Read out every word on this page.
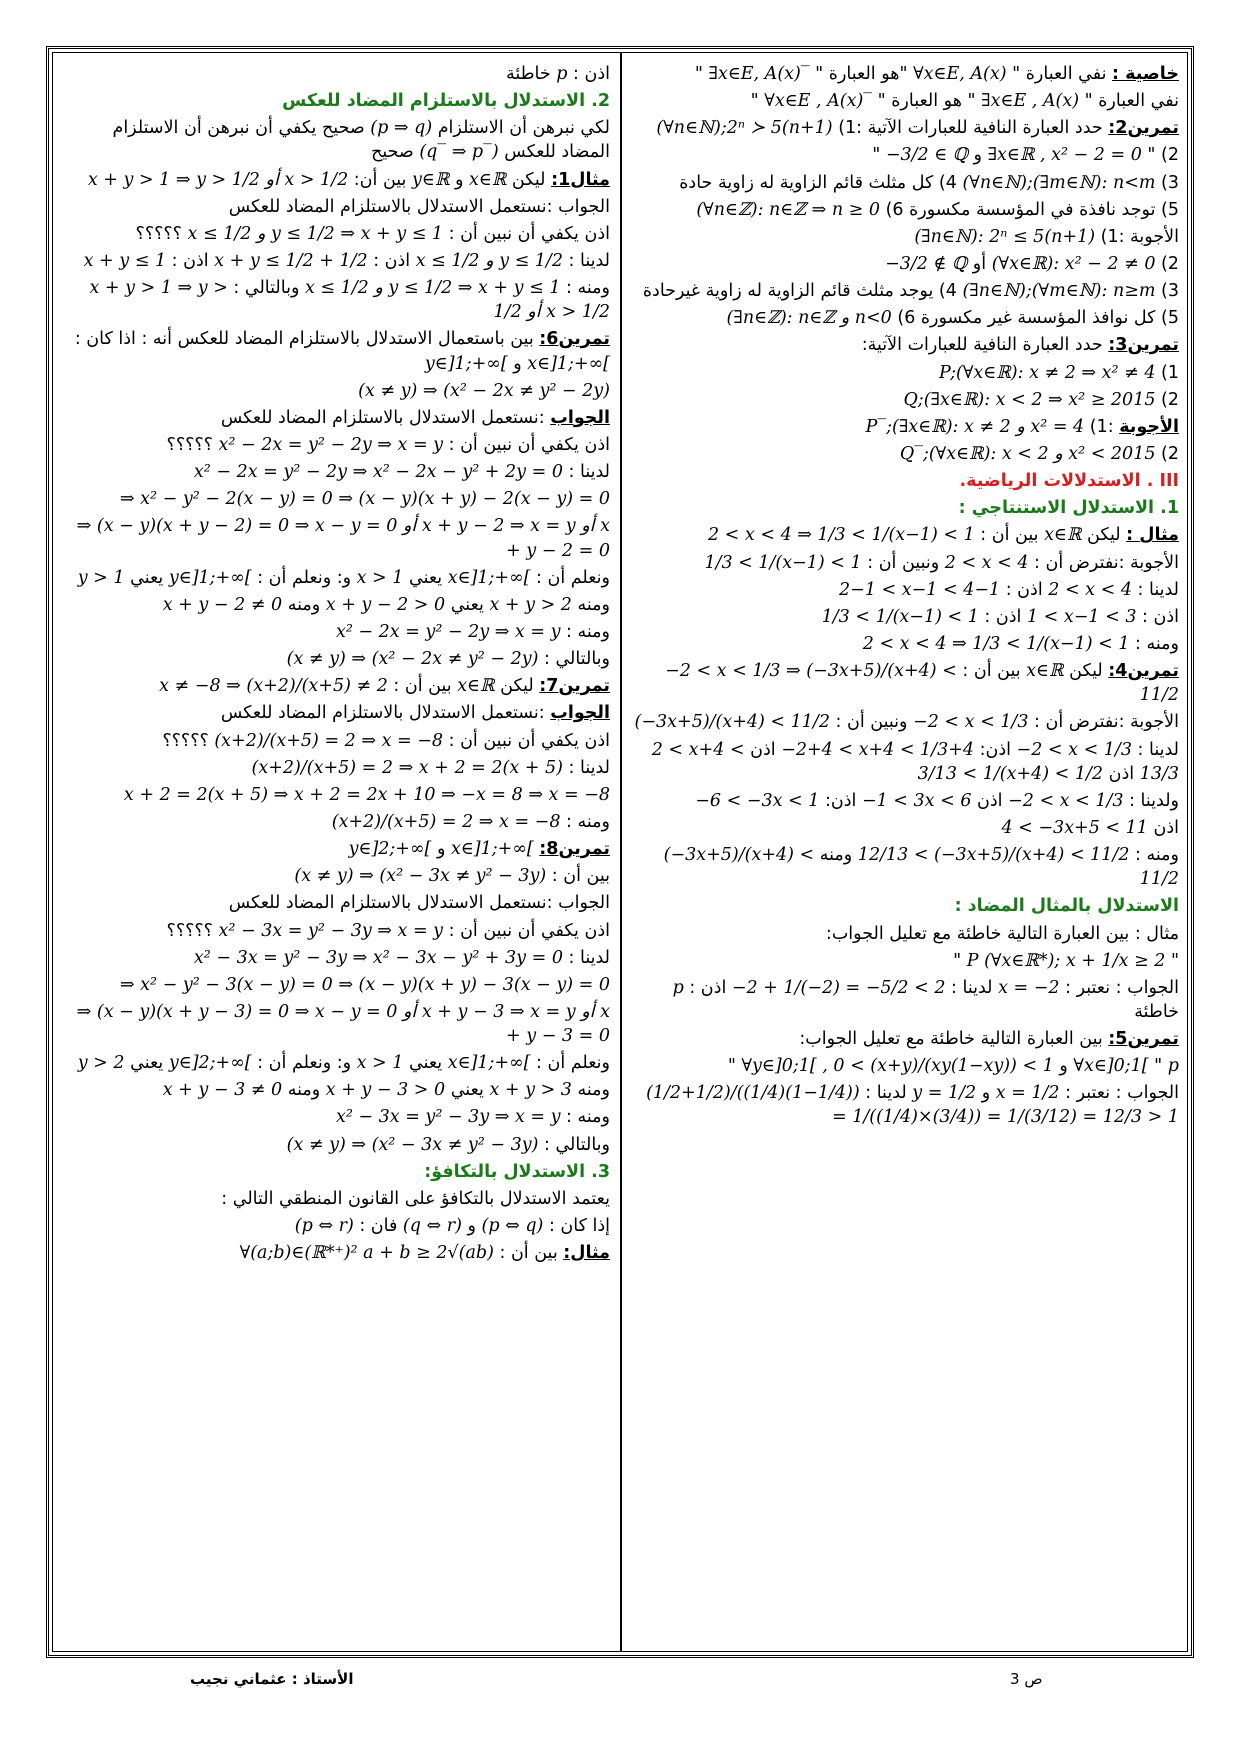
خاصية : نفي العبارة " ∀x∈E, A(x) "هو العبارة " ∃x∈E, A(x)‾ "
نفي العبارة " ∃x∈E , A(x) " هو العبارة " ∀x∈E , A(x)‾ "
تمرين2: حدد العبارة النافية للعبارات الآتية :1) (∀n∈ℕ);2ⁿ ≻ 5(n+1)
2) " ∃x∈ℝ , x² − 2 = 0 و −3/2 ∈ ℚ "
3) (∀n∈ℕ);(∃m∈ℕ): n<m 4) كل مثلث قائم الزاوية له زاوية حادة
5) توجد نافذة في المؤسسة مكسورة 6) (∀n∈ℤ): n∈ℤ ⇒ n ≥ 0
الأجوبة :1) (∃n∈ℕ): 2ⁿ ≤ 5(n+1)
2) (∀x∈ℝ): x² − 2 ≠ 0 أو −3/2 ∉ ℚ
3) (∃n∈ℕ);(∀m∈ℕ): n≥m 4) يوجد مثلث قائم الزاوية له زاوية غيرحادة
5) كل نوافذ المؤسسة غير مكسورة 6) (∃n∈ℤ): n∈ℤ و n<0
تمرين3: حدد العبارة النافية للعبارات الآتية:
1) P;(∀x∈ℝ): x ≠ 2 ⇒ x² ≠ 4
2) Q;(∃x∈ℝ): x < 2 ⇒ x² ≥ 2015
الأجوبة :1) P‾;(∃x∈ℝ): x ≠ 2 و x² = 4
2) Q‾;(∀x∈ℝ): x < 2 و x² < 2015
III . الاستدلالات الرياضية.
1. الاستدلال الاستنتاجي :
مثال : ليكن x∈ℝ بين أن : 2 < x < 4 ⇒ 1/3 < 1/(x−1) < 1
الأجوبة :نفترض أن : 2 < x < 4 ونبين أن : 1/3 < 1/(x−1) < 1
لدينا : 2 < x < 4 اذن : 2−1 < x−1 < 4−1
اذن : 1 < x−1 < 3 اذن : 1/3 < 1/(x−1) < 1
ومنه : 2 < x < 4 ⇒ 1/3 < 1/(x−1) < 1
تمرين4: ليكن x∈ℝ بين أن : −2 < x < 1/3 ⇒ (−3x+5)/(x+4) < 11/2
الأجوبة :نفترض أن : −2 < x < 1/3 ونبين أن : (−3x+5)/(x+4) < 11/2
لدينا : −2 < x < 1/3 اذن: −2+4 < x+4 < 1/3+4 اذن 2 < x+4 < 13/3 اذن 3/13 < 1/(x+4) < 1/2
ولدينا : −2 < x < 1/3 اذن −1 < 3x < 6 اذن: −6 < −3x < 1
اذن 4 < −3x+5 < 11
ومنه : 12/13 < (−3x+5)/(x+4) < 11/2 ومنه (−3x+5)/(x+4) < 11/2
الاستدلال بالمثال المضاد :
مثال : بين العبارة التالية خاطئة مع تعليل الجواب:
" P (∀x∈ℝ*); x + 1/x ≥ 2 "
الجواب : نعتبر : x = −2 لدينا : −2 + 1/(−2) = −5/2 < 2 اذن : p خاطئة
تمرين5: بين العبارة التالية خاطئة مع تعليل الجواب:
p " ∀x∈]0;1[ و ∀y∈]0;1[ , 0 < (x+y)/(xy(1−xy)) < 1 "
الجواب : نعتبر : x = 1/2 و y = 1/2 لدينا : (1/2+1/2)/((1/4)(1−1/4)) = 1/((1/4)×(3/4)) = 1/(3/12) = 12/3 > 1
اذن : p خاطئة
2. الاستدلال بالاستلزام المضاد للعكس
لكي نبرهن أن الاستلزام (p ⇒ q) صحيح يكفي أن نبرهن أن الاستلزام المضاد للعكس (q‾ ⇒ p‾) صحيح
مثال1: ليكن x∈ℝ و y∈ℝ بين أن: x + y > 1 ⇒ y > 1/2 أو x > 1/2
الجواب :نستعمل الاستدلال بالاستلزام المضاد للعكس
اذن يكفي أن نبين أن : x ≤ 1/2 و y ≤ 1/2 ⇒ x + y ≤ 1 ؟؟؟؟؟
لدينا : x ≤ 1/2 و y ≤ 1/2 اذن : x + y ≤ 1/2 + 1/2 اذن : x + y ≤ 1
ومنه : x ≤ 1/2 و y ≤ 1/2 ⇒ x + y ≤ 1 وبالتالي : x + y > 1 ⇒ y > 1/2 أو x > 1/2
تمرين6: بين باستعمال الاستدلال بالاستلزام المضاد للعكس أنه : اذا كان : x∈]1;+∞[ و y∈]1;+∞[
(x ≠ y) ⇒ (x² − 2x ≠ y² − 2y)
الجواب :نستعمل الاستدلال بالاستلزام المضاد للعكس
اذن يكفي أن نبين أن : x² − 2x = y² − 2y ⇒ x = y ؟؟؟؟؟
لدينا : x² − 2x = y² − 2y ⇒ x² − 2x − y² + 2y = 0
⇒ x² − y² − 2(x − y) = 0 ⇒ (x − y)(x + y) − 2(x − y) = 0
⇒ (x − y)(x + y − 2) = 0 ⇒ x − y = 0 أو x + y − 2 ⇒ x = y أو x + y − 2 = 0
ونعلم أن : x∈]1;+∞[ يعني x > 1 و: ونعلم أن : y∈]1;+∞[ يعني y > 1
ومنه x + y > 2 يعني x + y − 2 > 0 ومنه x + y − 2 ≠ 0
ومنه : x² − 2x = y² − 2y ⇒ x = y
وبالتالي : (x ≠ y) ⇒ (x² − 2x ≠ y² − 2y)
تمرين7: ليكن x∈ℝ بين أن : x ≠ −8 ⇒ (x+2)/(x+5) ≠ 2
الجواب :نستعمل الاستدلال بالاستلزام المضاد للعكس
اذن يكفي أن نبين أن : (x+2)/(x+5) = 2 ⇒ x = −8 ؟؟؟؟؟
لدينا : (x+2)/(x+5) = 2 ⇒ x + 2 = 2(x + 5)
x + 2 = 2(x + 5) ⇒ x + 2 = 2x + 10 ⇒ −x = 8 ⇒ x = −8
ومنه : (x+2)/(x+5) = 2 ⇒ x = −8
تمرين8: x∈]1;+∞[ و y∈]2;+∞[
بين أن : (x ≠ y) ⇒ (x² − 3x ≠ y² − 3y)
الجواب :نستعمل الاستدلال بالاستلزام المضاد للعكس
اذن يكفي أن نبين أن : x² − 3x = y² − 3y ⇒ x = y ؟؟؟؟؟
لدينا : x² − 3x = y² − 3y ⇒ x² − 3x − y² + 3y = 0
⇒ x² − y² − 3(x − y) = 0 ⇒ (x − y)(x + y) − 3(x − y) = 0
⇒ (x − y)(x + y − 3) = 0 ⇒ x − y = 0 أو x + y − 3 ⇒ x = y أو x + y − 3 = 0
ونعلم أن : x∈]1;+∞[ يعني x > 1 و: ونعلم أن : y∈]2;+∞[ يعني y > 2
ومنه x + y > 3 يعني x + y − 3 > 0 ومنه x + y − 3 ≠ 0
ومنه : x² − 3x = y² − 3y ⇒ x = y
وبالتالي : (x ≠ y) ⇒ (x² − 3x ≠ y² − 3y)
3. الاستدلال بالتكافؤ:
يعتمد الاستدلال بالتكافؤ على القانون المنطقي التالي :
إذا كان : (p ⇔ q) و (q ⇔ r) فان : (p ⇔ r)
مثال: بين أن : a + b ≥ 2√(ab) ∀(a;b)∈(ℝ*⁺)²
ص 3
الأستاذ : عثماني نجيب
